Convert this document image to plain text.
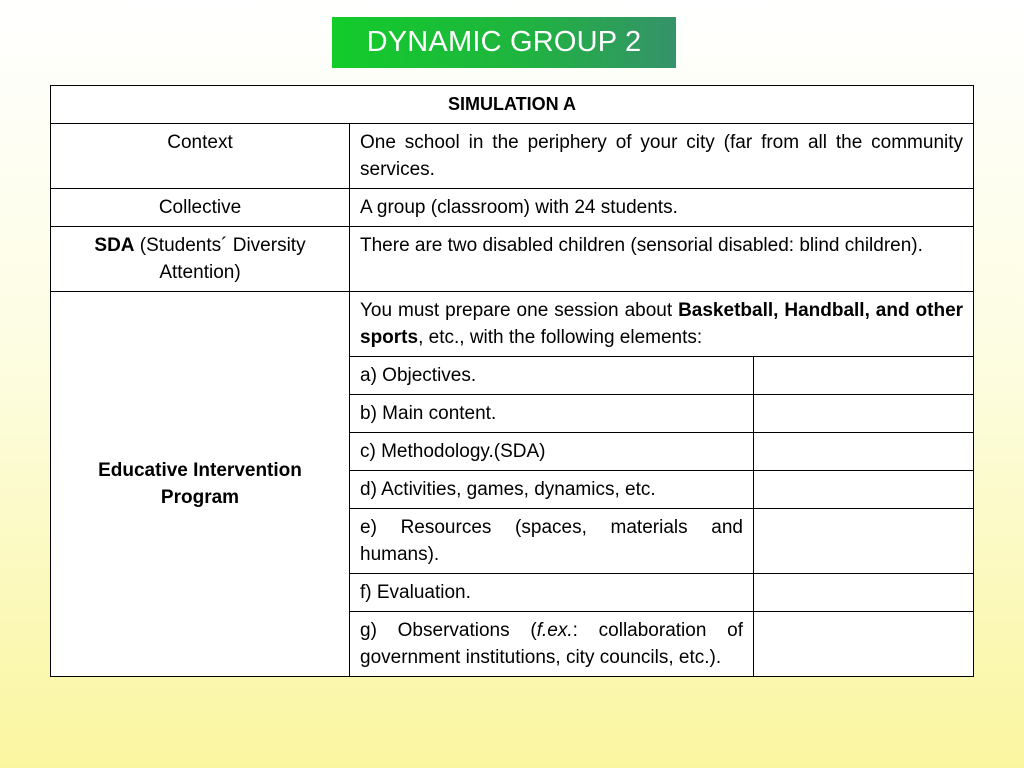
DYNAMIC GROUP 2
SIMULATION A		
Context	One school in the periphery of your city (far from all the community services.	
Collective	A group (classroom) with 24 students.	
SDA (Students´ Diversity Attention)	There are two disabled children (sensorial disabled: blind children).	
Educative Intervention Program	You must prepare one session about Basketball, Handball, and other sports, etc., with the following elements:	
	a) Objectives.	
	b) Main content.	
	c) Methodology.(SDA)	
	d) Activities, games, dynamics, etc.	
	e) Resources (spaces, materials and humans).	
	f) Evaluation.	
	g) Observations (f.ex.: collaboration of government institutions, city councils, etc.).	
